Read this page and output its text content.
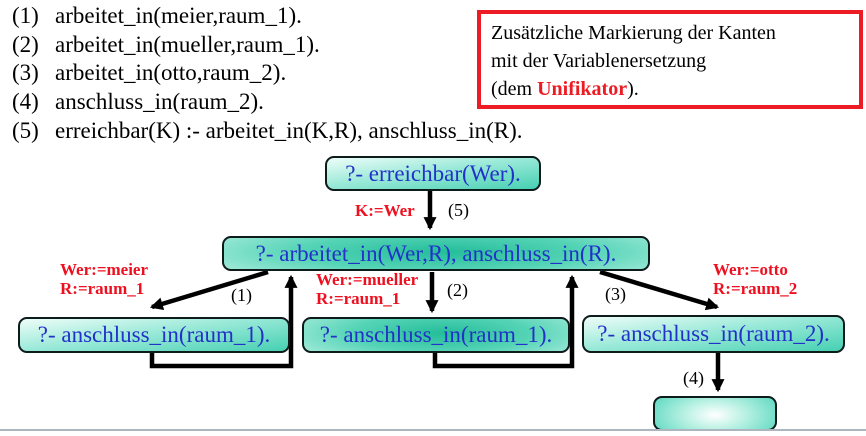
(1) arbeitet_in(meier,raum_1).
(2) arbeitet_in(mueller,raum_1).
(3) arbeitet_in(otto,raum_2).
(4) anschluss_in(raum_2).
(5) erreichbar(K) :- arbeitet_in(K,R), anschluss_in(R).
Zusätzliche Markierung der Kanten
mit der Variablenersetzung
(dem Unifikator).
?- erreichbar(Wer).
?- arbeitet_in(Wer,R), anschluss_in(R).
?- anschluss_in(raum_1). ?- anschluss_in(raum_1). ?- anschluss_in(raum_2).
K:=Wer
Wer:=meier
R:=raum_1	Wer:=mueller
R:=raum_1
Wer:=otto
R:=raum_2
(5)
(1)	(2)	(3)
(4)
